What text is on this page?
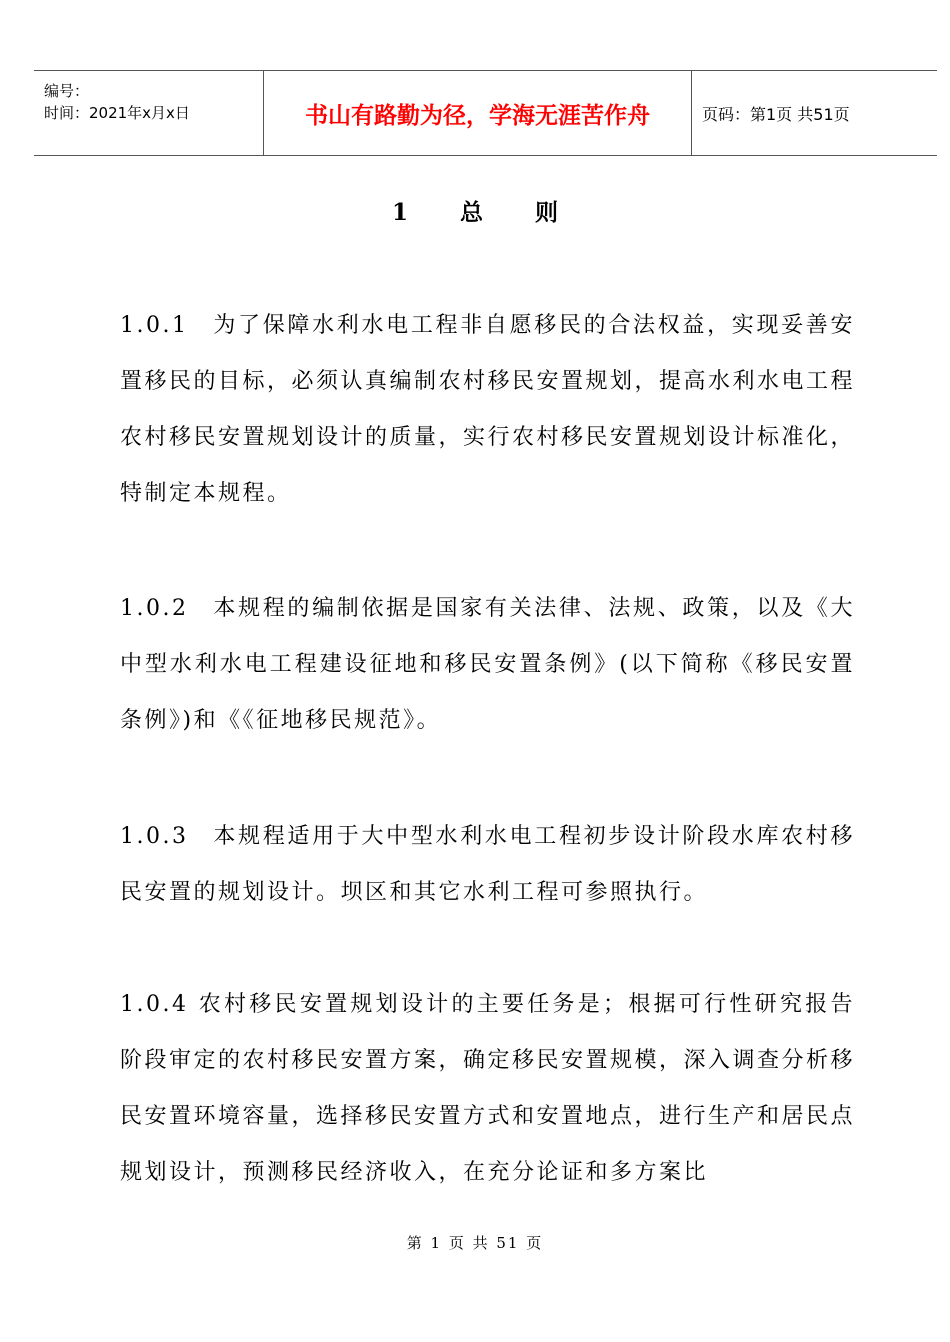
编号：
时间：2021年x月x日	书山有路勤为径，学海无涯苦作舟	页码：第1页 共51页
1 总 则

1.0.1　为了保障水利水电工程非自愿移民的合法权益，实现妥善安置移民的目标，必须认真编制农村移民安置规划，提高水利水电工程农村移民安置规划设计的质量，实行农村移民安置规划设计标准化，特制定本规程。

1.0.2　本规程的编制依据是国家有关法律、法规、政策，以及《大中型水利水电工程建设征地和移民安置条例》(以下简称《移民安置条例》)和《《征地移民规范》。

1.0.3　本规程适用于大中型水利水电工程初步设计阶段水库农村移民安置的规划设计。坝区和其它水利工程可参照执行。

1.0.4 农村移民安置规划设计的主要任务是；根据可行性研究报告阶段审定的农村移民安置方案，确定移民安置规模，深入调查分析移民安置环境容量，选择移民安置方式和安置地点，进行生产和居民点规划设计，预测移民经济收入，在充分论证和多方案比

第 1 页 共 51 页
